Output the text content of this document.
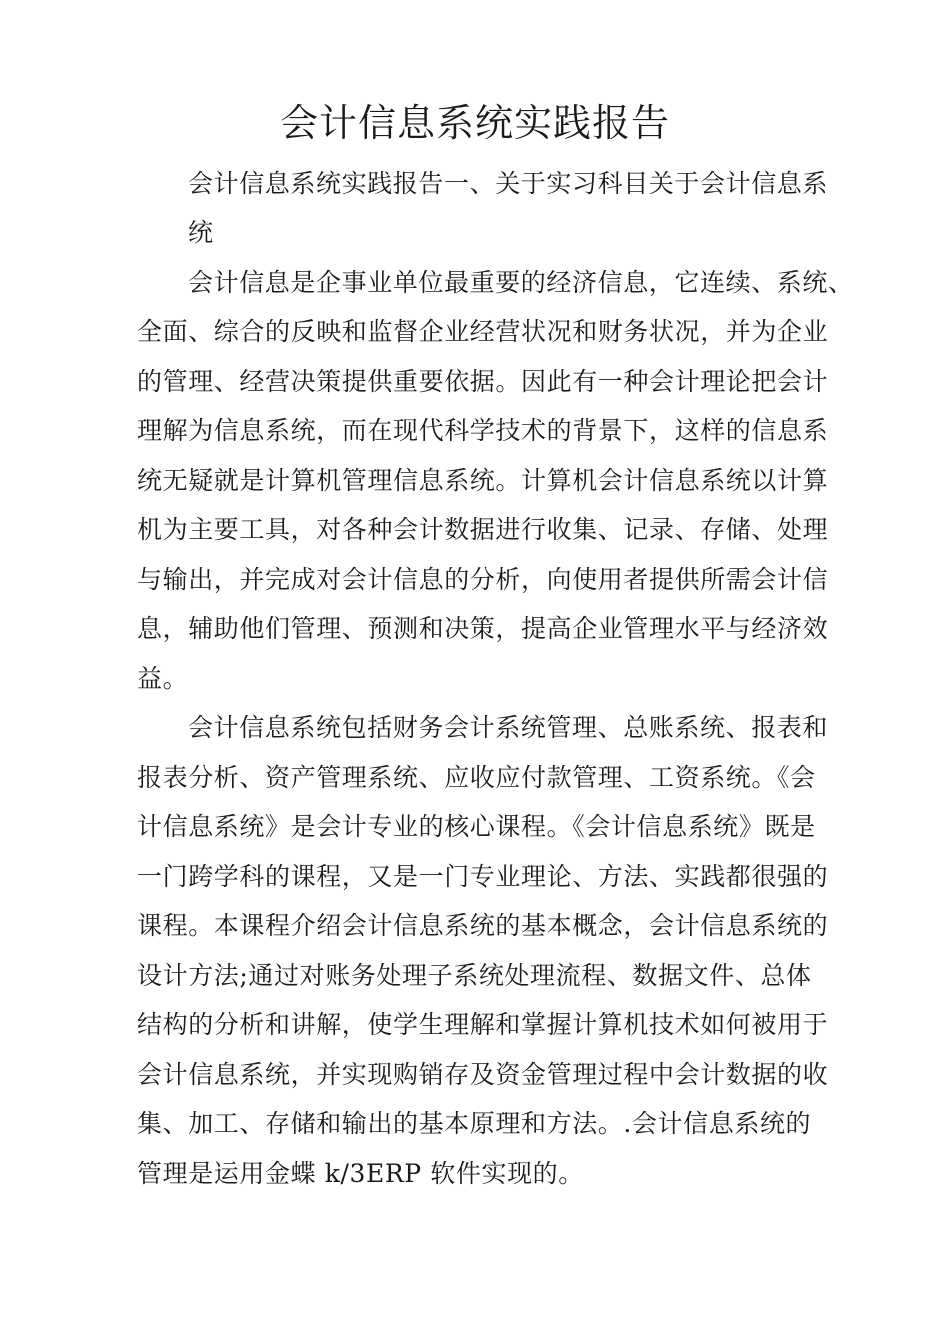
会计信息系统实践报告
会计信息系统实践报告一、关于实习科目关于会计信息系
统
会计信息是企事业单位最重要的经济信息，它连续、系统、
全面、综合的反映和监督企业经营状况和财务状况，并为企业
的管理、经营决策提供重要依据。因此有一种会计理论把会计
理解为信息系统，而在现代科学技术的背景下，这样的信息系
统无疑就是计算机管理信息系统。计算机会计信息系统以计算
机为主要工具，对各种会计数据进行收集、记录、存储、处理
与输出，并完成对会计信息的分析，向使用者提供所需会计信
息，辅助他们管理、预测和决策，提高企业管理水平与经济效
益。
会计信息系统包括财务会计系统管理、总账系统、报表和
报表分析、资产管理系统、应收应付款管理、工资系统。《会
计信息系统》是会计专业的核心课程。《会计信息系统》既是
一门跨学科的课程，又是一门专业理论、方法、实践都很强的
课程。本课程介绍会计信息系统的基本概念，会计信息系统的
设计方法;通过对账务处理子系统处理流程、数据文件、总体
结构的分析和讲解，使学生理解和掌握计算机技术如何被用于
会计信息系统，并实现购销存及资金管理过程中会计数据的收
集、加工、存储和输出的基本原理和方法。.会计信息系统的
管理是运用金蝶 k/3ERP 软件实现的。
